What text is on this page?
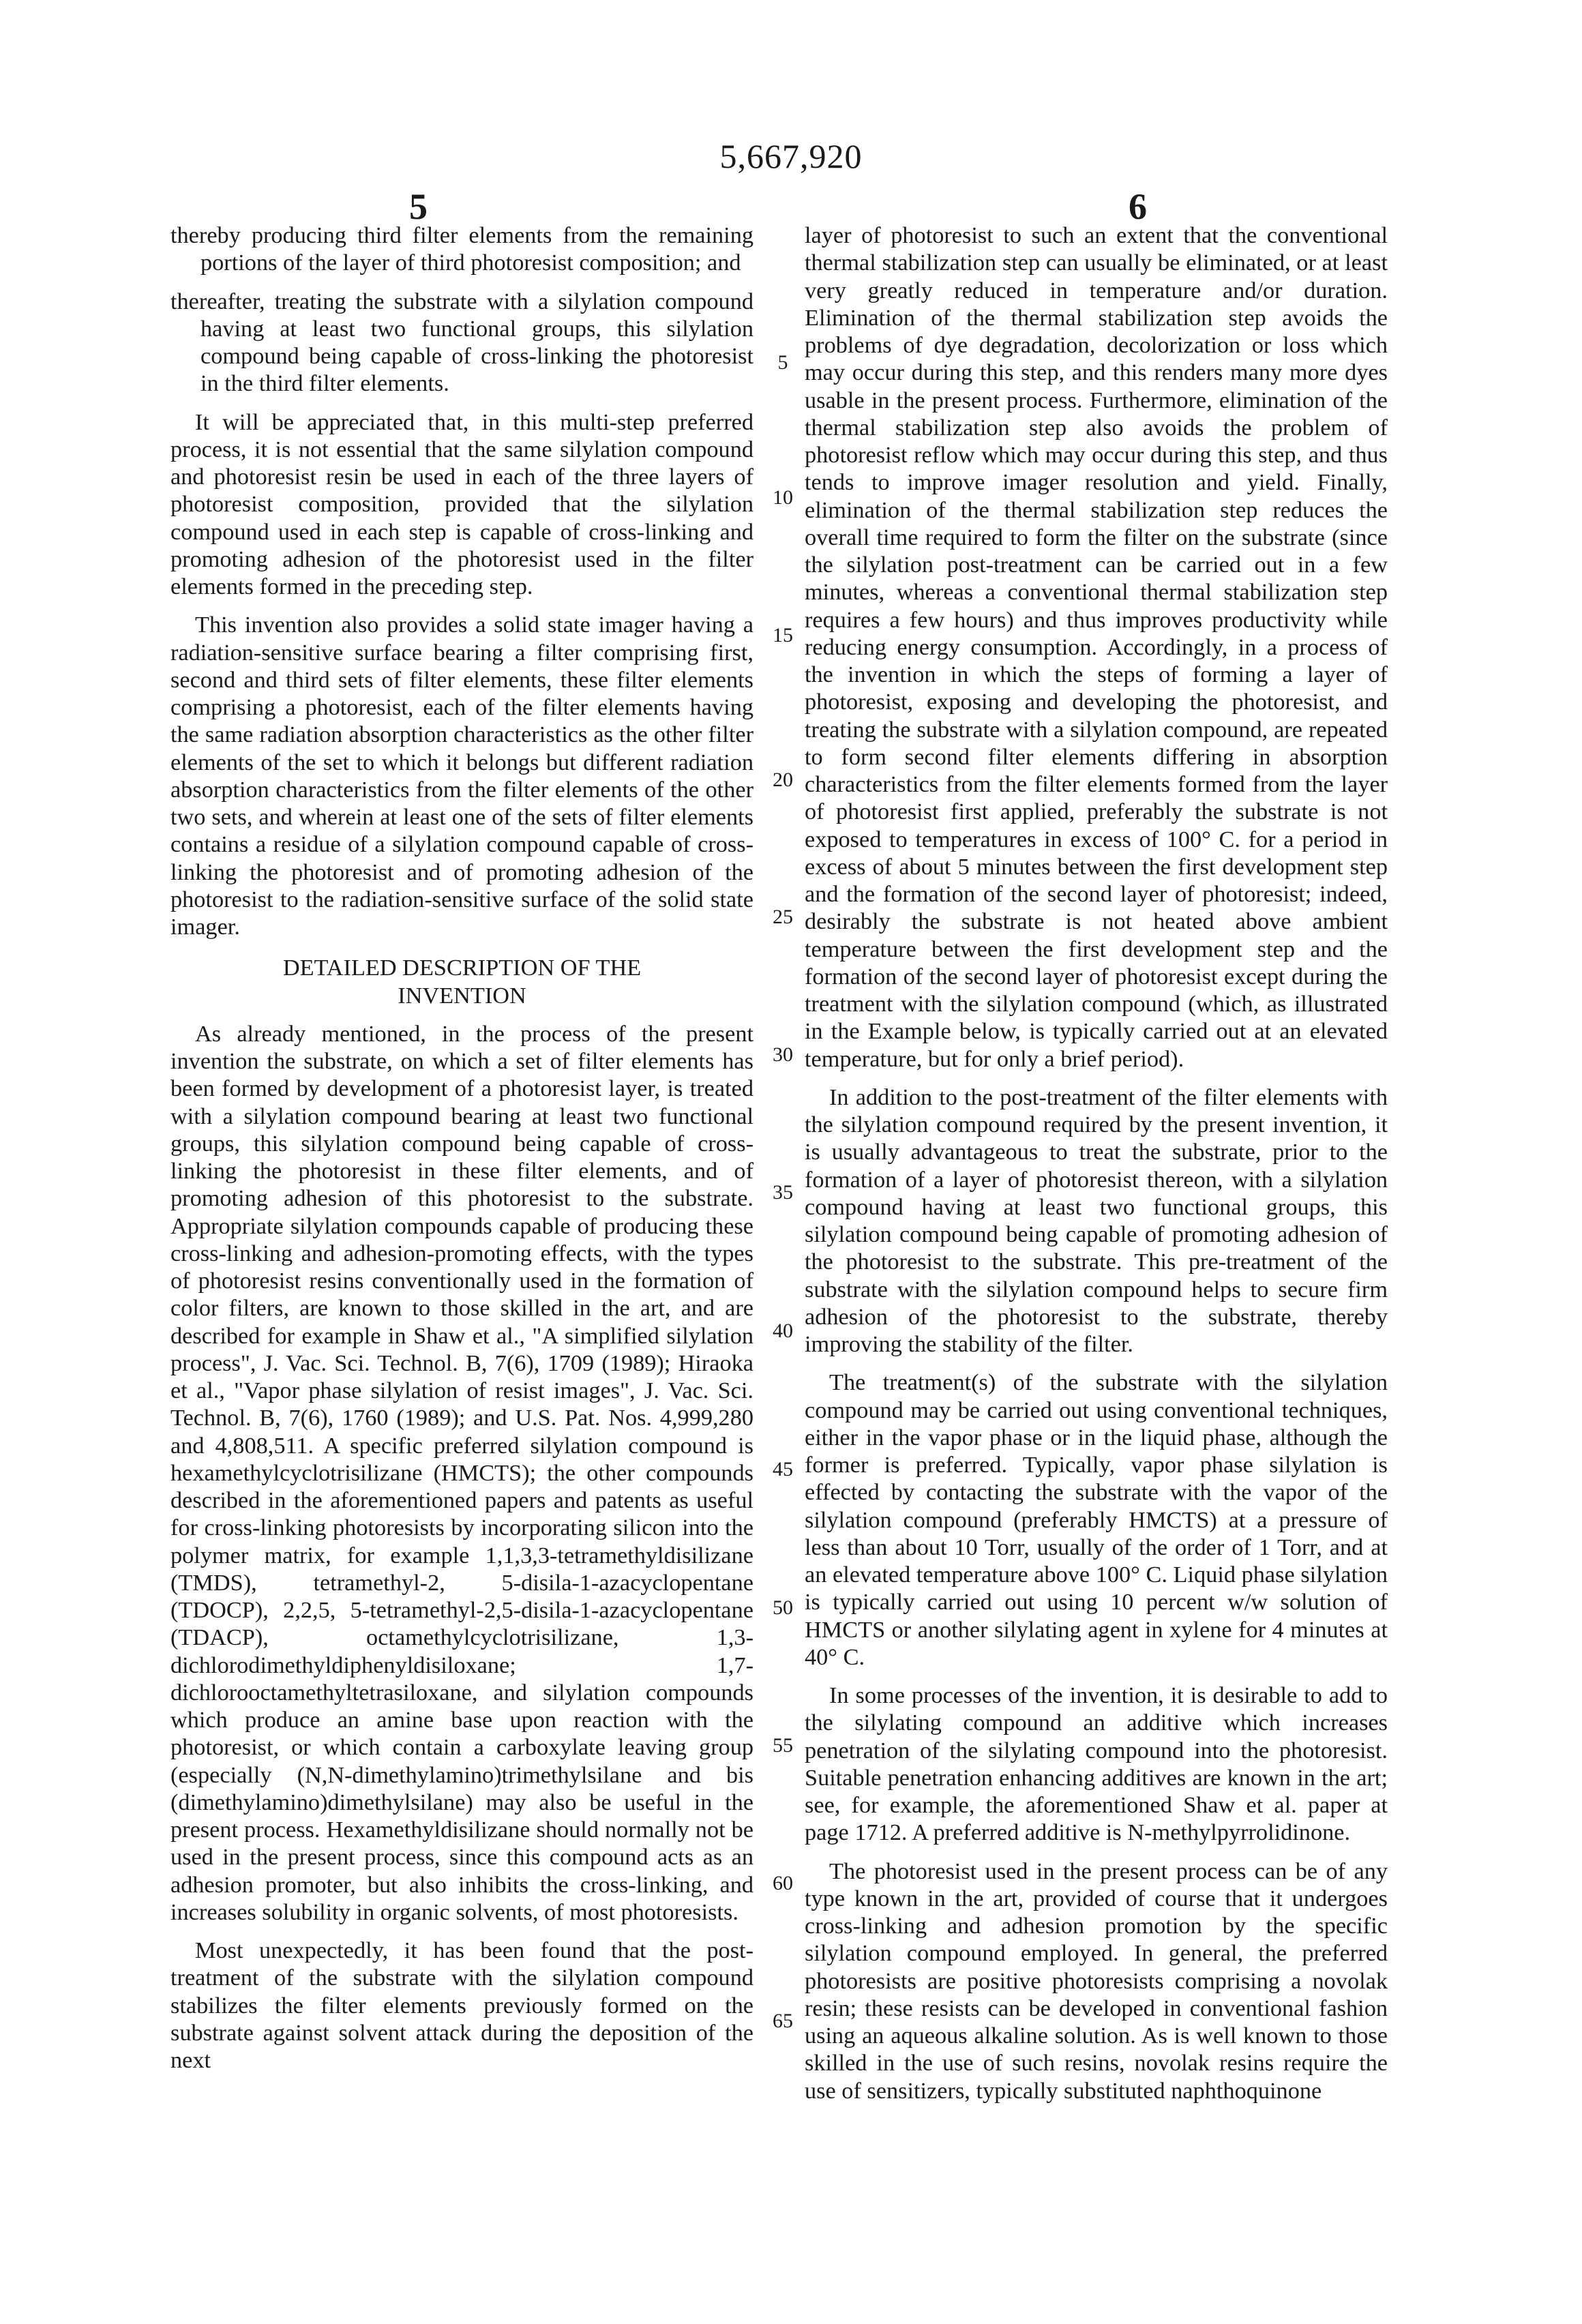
5,667,920
5	6

thereby producing third filter elements from the remaining portions of the layer of third photoresist composition; and

thereafter, treating the substrate with a silylation compound having at least two functional groups, this silylation compound being capable of cross-linking the photoresist in the third filter elements.

It will be appreciated that, in this multi-step preferred process, it is not essential that the same silylation compound and photoresist resin be used in each of the three layers of photoresist composition, provided that the silylation compound used in each step is capable of cross-linking and promoting adhesion of the photoresist used in the filter elements formed in the preceding step.

This invention also provides a solid state imager having a radiation-sensitive surface bearing a filter comprising first, second and third sets of filter elements, these filter elements comprising a photoresist, each of the filter elements having the same radiation absorption characteristics as the other filter elements of the set to which it belongs but different radiation absorption characteristics from the filter elements of the other two sets, and wherein at least one of the sets of filter elements contains a residue of a silylation compound capable of cross-linking the photoresist and of promoting adhesion of the photoresist to the radiation-sensitive surface of the solid state imager.

DETAILED DESCRIPTION OF THE
INVENTION

As already mentioned, in the process of the present invention the substrate, on which a set of filter elements has been formed by development of a photoresist layer, is treated with a silylation compound bearing at least two functional groups, this silylation compound being capable of cross-linking the photoresist in these filter elements, and of promoting adhesion of this photoresist to the substrate. Appropriate silylation compounds capable of producing these cross-linking and adhesion-promoting effects, with the types of photoresist resins conventionally used in the formation of color filters, are known to those skilled in the art, and are described for example in Shaw et al., "A simplified silylation process", J. Vac. Sci. Technol. B, 7(6), 1709 (1989); Hiraoka et al., "Vapor phase silylation of resist images", J. Vac. Sci. Technol. B, 7(6), 1760 (1989); and U.S. Pat. Nos. 4,999,280 and 4,808,511. A specific preferred silylation compound is hexamethylcyclotrisilizane (HMCTS); the other compounds described in the aforementioned papers and patents as useful for cross-linking photoresists by incorporating silicon into the polymer matrix, for example 1,1,3,3-tetramethyldisilizane (TMDS), tetramethyl-2, 5-disila-1-azacyclopentane (TDOCP), 2,2,5, 5-tetramethyl-2,5-disila-1-azacyclopentane (TDACP), octamethylcyclotrisilizane, 1,3-dichlorodimethyldiphenyldisiloxane; 1,7-dichlorooctamethyltetrasiloxane, and silylation compounds which produce an amine base upon reaction with the photoresist, or which contain a carboxylate leaving group (especially (N,N-dimethylamino)trimethylsilane and bis (dimethylamino)dimethylsilane) may also be useful in the present process. Hexamethyldisilizane should normally not be used in the present process, since this compound acts as an adhesion promoter, but also inhibits the cross-linking, and increases solubility in organic solvents, of most photoresists.

Most unexpectedly, it has been found that the post-treatment of the substrate with the silylation compound stabilizes the filter elements previously formed on the substrate against solvent attack during the deposition of the next

layer of photoresist to such an extent that the conventional thermal stabilization step can usually be eliminated, or at least very greatly reduced in temperature and/or duration. Elimination of the thermal stabilization step avoids the problems of dye degradation, decolorization or loss which may occur during this step, and this renders many more dyes usable in the present process. Furthermore, elimination of the thermal stabilization step also avoids the problem of photoresist reflow which may occur during this step, and thus tends to improve imager resolution and yield. Finally, elimination of the thermal stabilization step reduces the overall time required to form the filter on the substrate (since the silylation post-treatment can be carried out in a few minutes, whereas a conventional thermal stabilization step requires a few hours) and thus improves productivity while reducing energy consumption. Accordingly, in a process of the invention in which the steps of forming a layer of photoresist, exposing and developing the photoresist, and treating the substrate with a silylation compound, are repeated to form second filter elements differing in absorption characteristics from the filter elements formed from the layer of photoresist first applied, preferably the substrate is not exposed to temperatures in excess of 100° C. for a period in excess of about 5 minutes between the first development step and the formation of the second layer of photoresist; indeed, desirably the substrate is not heated above ambient temperature between the first development step and the formation of the second layer of photoresist except during the treatment with the silylation compound (which, as illustrated in the Example below, is typically carried out at an elevated temperature, but for only a brief period).

In addition to the post-treatment of the filter elements with the silylation compound required by the present invention, it is usually advantageous to treat the substrate, prior to the formation of a layer of photoresist thereon, with a silylation compound having at least two functional groups, this silylation compound being capable of promoting adhesion of the photoresist to the substrate. This pre-treatment of the substrate with the silylation compound helps to secure firm adhesion of the photoresist to the substrate, thereby improving the stability of the filter.

The treatment(s) of the substrate with the silylation compound may be carried out using conventional techniques, either in the vapor phase or in the liquid phase, although the former is preferred. Typically, vapor phase silylation is effected by contacting the substrate with the vapor of the silylation compound (preferably HMCTS) at a pressure of less than about 10 Torr, usually of the order of 1 Torr, and at an elevated temperature above 100° C. Liquid phase silylation is typically carried out using 10 percent w/w solution of HMCTS or another silylating agent in xylene for 4 minutes at 40° C.

In some processes of the invention, it is desirable to add to the silylating compound an additive which increases penetration of the silylating compound into the photoresist. Suitable penetration enhancing additives are known in the art; see, for example, the aforementioned Shaw et al. paper at page 1712. A preferred additive is N-methylpyrrolidinone.

The photoresist used in the present process can be of any type known in the art, provided of course that it undergoes cross-linking and adhesion promotion by the specific silylation compound employed. In general, the preferred photoresists are positive photoresists comprising a novolak resin; these resists can be developed in conventional fashion using an aqueous alkaline solution. As is well known to those skilled in the use of such resins, novolak resins require the use of sensitizers, typically substituted naphthoquinone

5
10
15
20
25
30
35
40
45
50
55
60
65
